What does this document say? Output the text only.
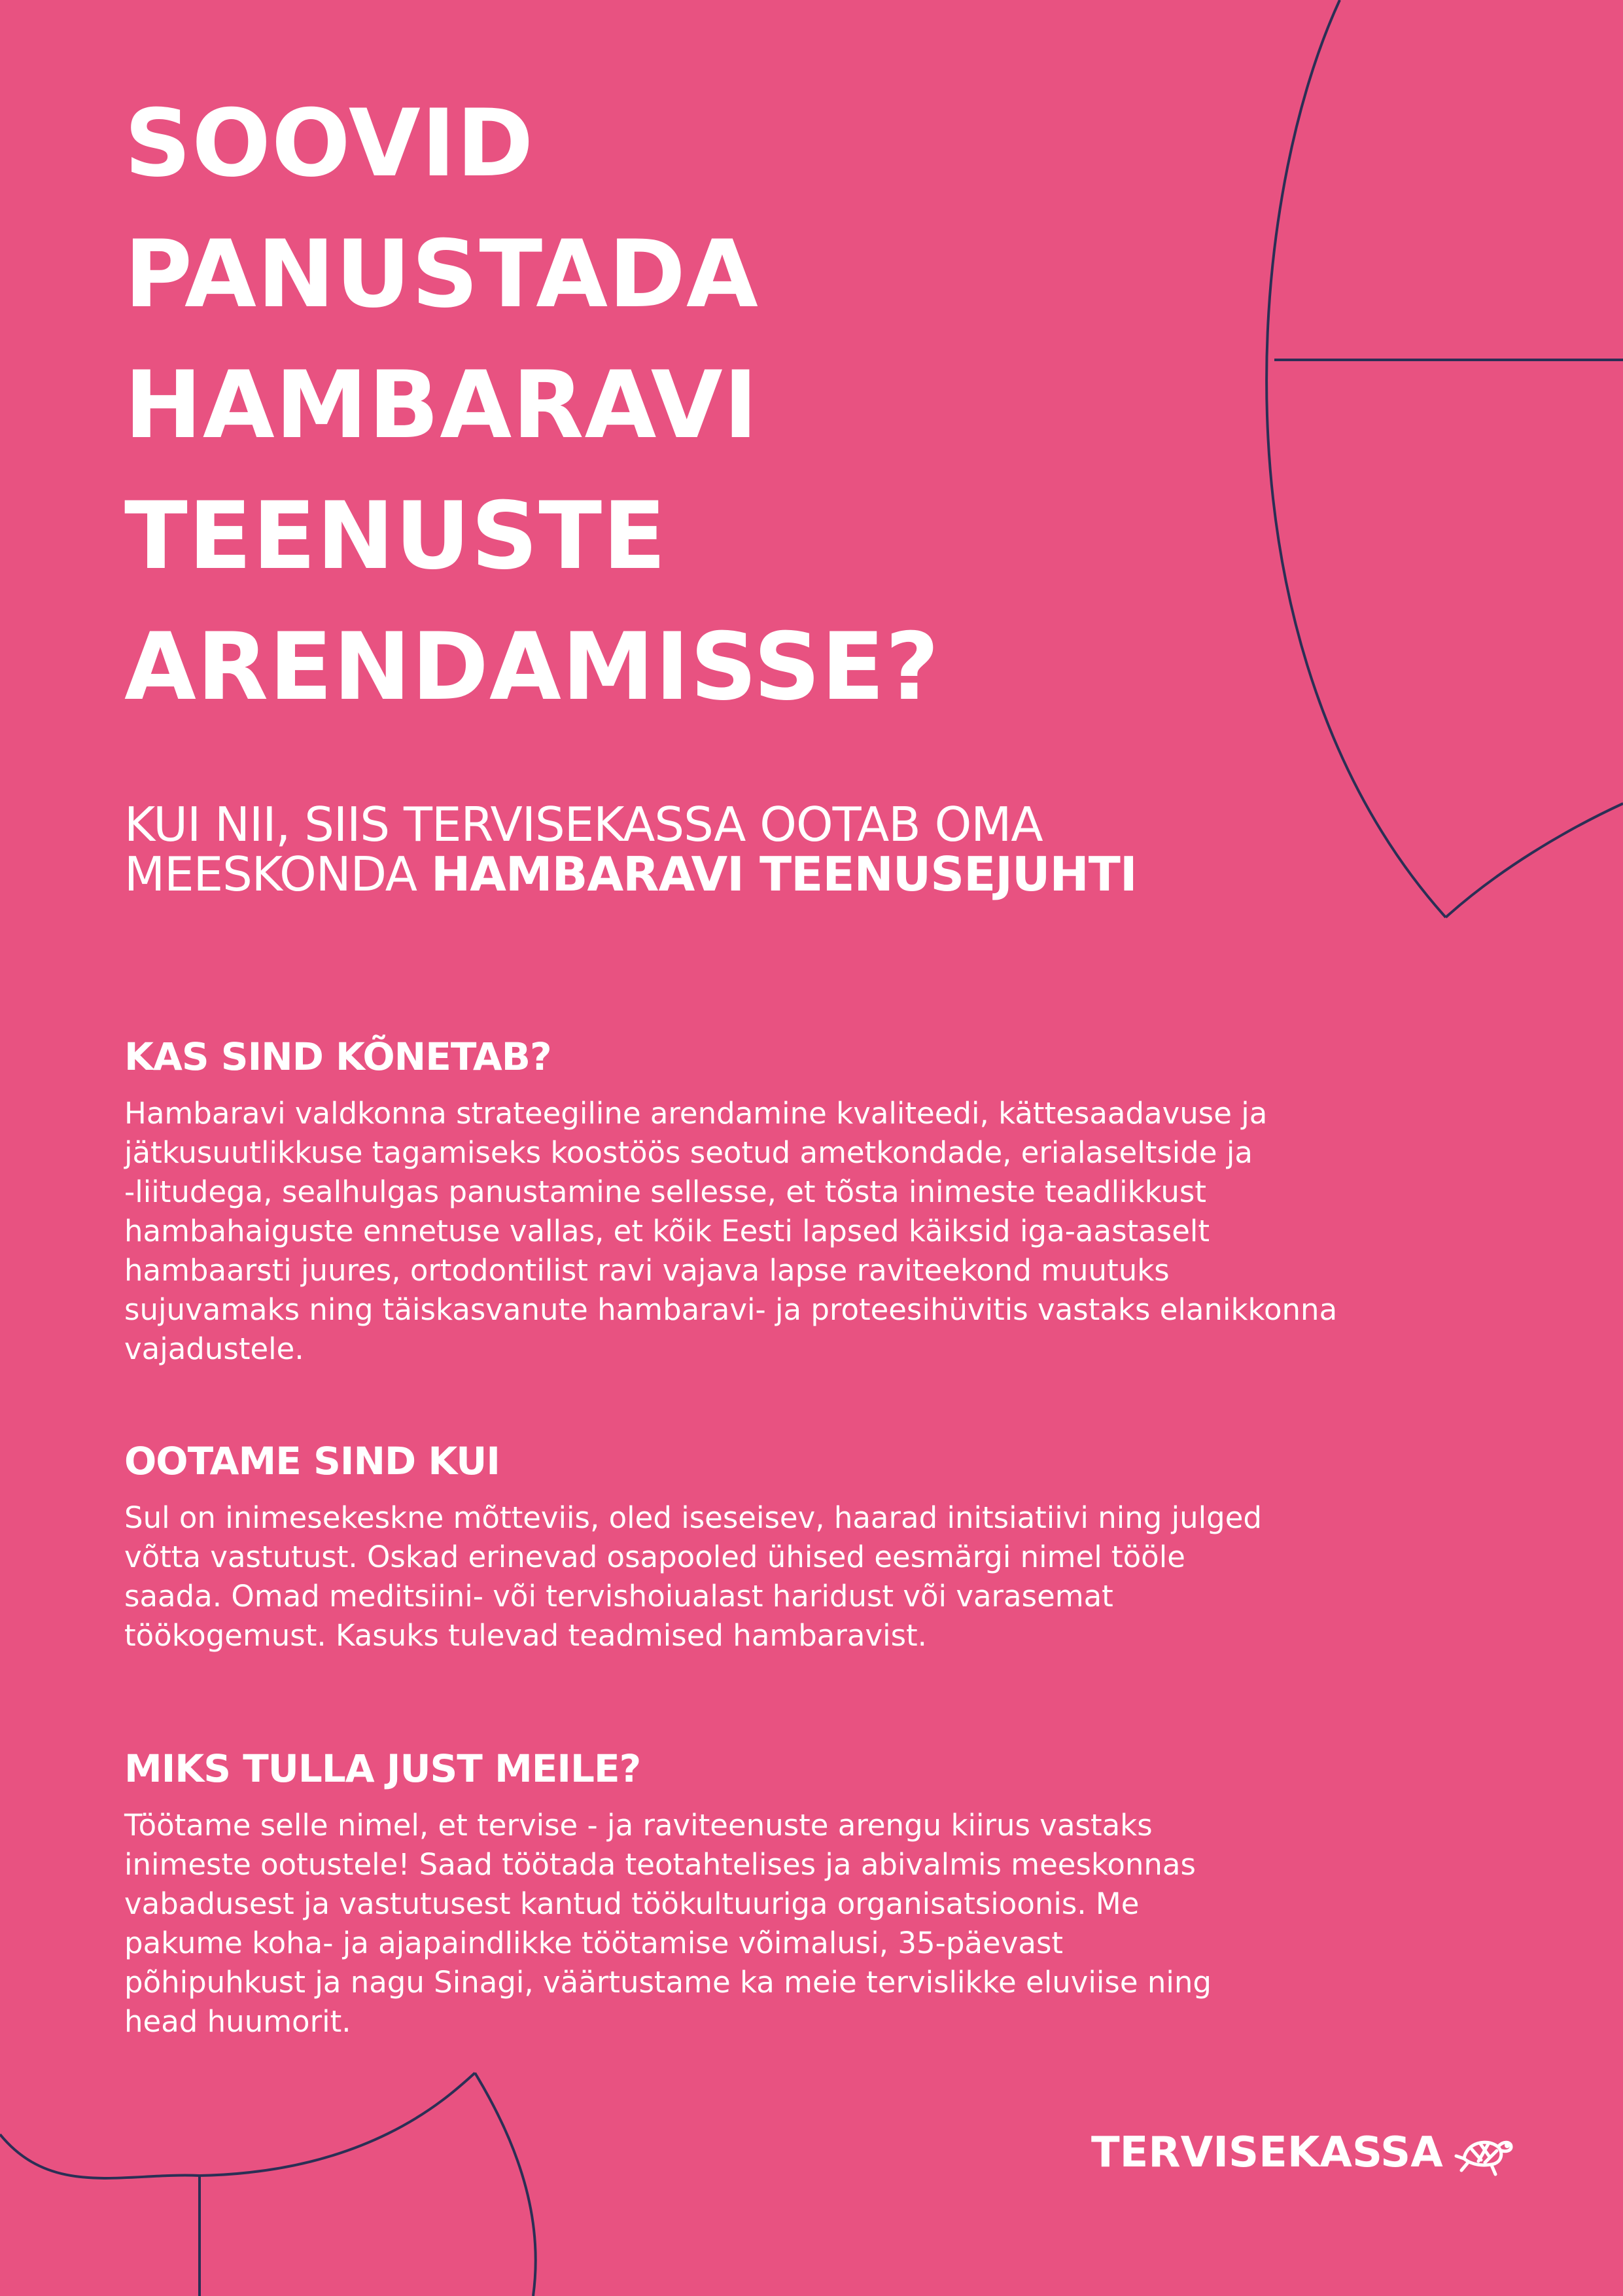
SOOVID
PANUSTADA
HAMBARAVI
TEENUSTE
ARENDAMISSE?
KUI NII, SIIS TERVISEKASSA OOTAB OMA
MEESKONDA HAMBARAVI TEENUSEJUHTI
KAS SIND KÕNETAB?

Hambaravi valdkonna strateegiline arendamine kvaliteedi, kättesaadavuse ja
jätkusuutlikkuse tagamiseks koostöös seotud ametkondade, erialaseltside ja
-liitudega, sealhulgas panustamine sellesse, et tõsta inimeste teadlikkust
hambahaiguste ennetuse vallas, et kõik Eesti lapsed käiksid iga-aastaselt
hambaarsti juures, ortodontilist ravi vajava lapse raviteekond muutuks
sujuvamaks ning täiskasvanute hambaravi- ja proteesihüvitis vastaks elanikkonna
vajadustele.

OOTAME SIND KUI

Sul on inimesekeskne mõtteviis, oled iseseisev, haarad initsiatiivi ning julged
võtta vastutust. Oskad erinevad osapooled ühised eesmärgi nimel tööle
saada. Omad meditsiini- või tervishoiualast haridust või varasemat
töökogemust. Kasuks tulevad teadmised hambaravist.

MIKS TULLA JUST MEILE?

Töötame selle nimel, et tervise - ja raviteenuste arengu kiirus vastaks
inimeste ootustele! Saad töötada teotahtelises ja abivalmis meeskonnas
vabadusest ja vastutusest kantud töökultuuriga organisatsioonis. Me
pakume koha- ja ajapaindlikke töötamise võimalusi, 35-päevast
põhipuhkust ja nagu Sinagi, väärtustame ka meie tervislikke eluviise ning
head huumorit.

TERVISEKASSA
